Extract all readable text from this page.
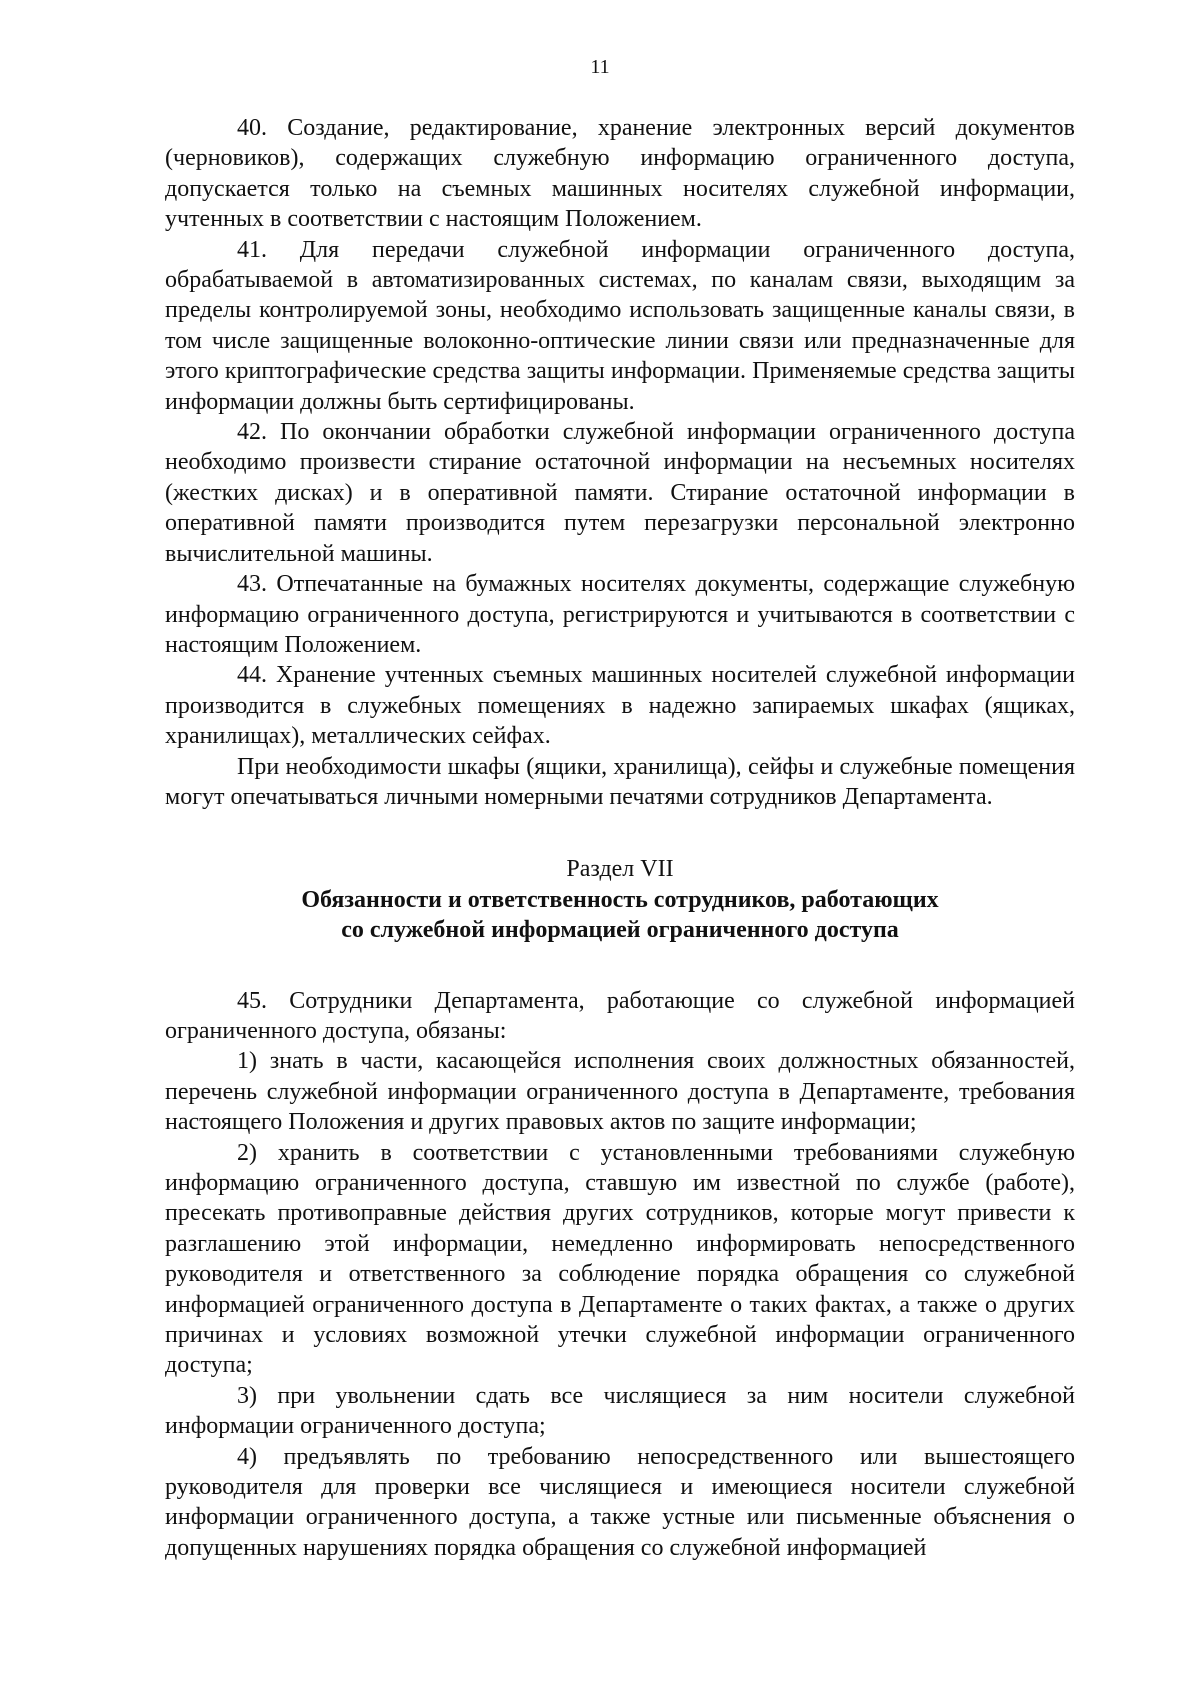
11

40. Создание, редактирование, хранение электронных версий документов (черновиков), содержащих служебную информацию ограниченного доступа, допускается только на съемных машинных носителях служебной информации, учтенных в соответствии с настоящим Положением.

41. Для передачи служебной информации ограниченного доступа, обрабатываемой в автоматизированных системах, по каналам связи, выходящим за пределы контролируемой зоны, необходимо использовать защищенные каналы связи, в том числе защищенные волоконно-оптические линии связи или предназначенные для этого криптографические средства защиты информации. Применяемые средства защиты информации должны быть сертифицированы.

42. По окончании обработки служебной информации ограниченного доступа необходимо произвести стирание остаточной информации на несъемных носителях (жестких дисках) и в оперативной памяти. Стирание остаточной информации в оперативной памяти производится путем перезагрузки персональной электронно вычислительной машины.

43. Отпечатанные на бумажных носителях документы, содержащие служебную информацию ограниченного доступа, регистрируются и учитываются в соответствии с настоящим Положением.

44. Хранение учтенных съемных машинных носителей служебной информации производится в служебных помещениях в надежно запираемых шкафах (ящиках, хранилищах), металлических сейфах.

При необходимости шкафы (ящики, хранилища), сейфы и служебные помещения могут опечатываться личными номерными печатями сотрудников Департамента.

Раздел VII

Обязанности и ответственность сотрудников, работающих

со служебной информацией ограниченного доступа

45. Сотрудники Департамента, работающие со служебной информацией ограниченного доступа, обязаны:

1) знать в части, касающейся исполнения своих должностных обязанностей, перечень служебной информации ограниченного доступа в Департаменте, требования настоящего Положения и других правовых актов по защите информации;

2) хранить в соответствии с установленными требованиями служебную информацию ограниченного доступа, ставшую им известной по службе (работе), пресекать противоправные действия других сотрудников, которые могут привести к разглашению этой информации, немедленно информировать непосредственного руководителя и ответственного за соблюдение порядка обращения со служебной информацией ограниченного доступа в Департаменте о таких фактах, а также о других причинах и условиях возможной утечки служебной информации ограниченного доступа;

3) при увольнении сдать все числящиеся за ним носители служебной информации ограниченного доступа;

4) предъявлять по требованию непосредственного или вышестоящего руководителя для проверки все числящиеся и имеющиеся носители служебной информации ограниченного доступа, а также устные или письменные объяснения о допущенных нарушениях порядка обращения со служебной информацией
